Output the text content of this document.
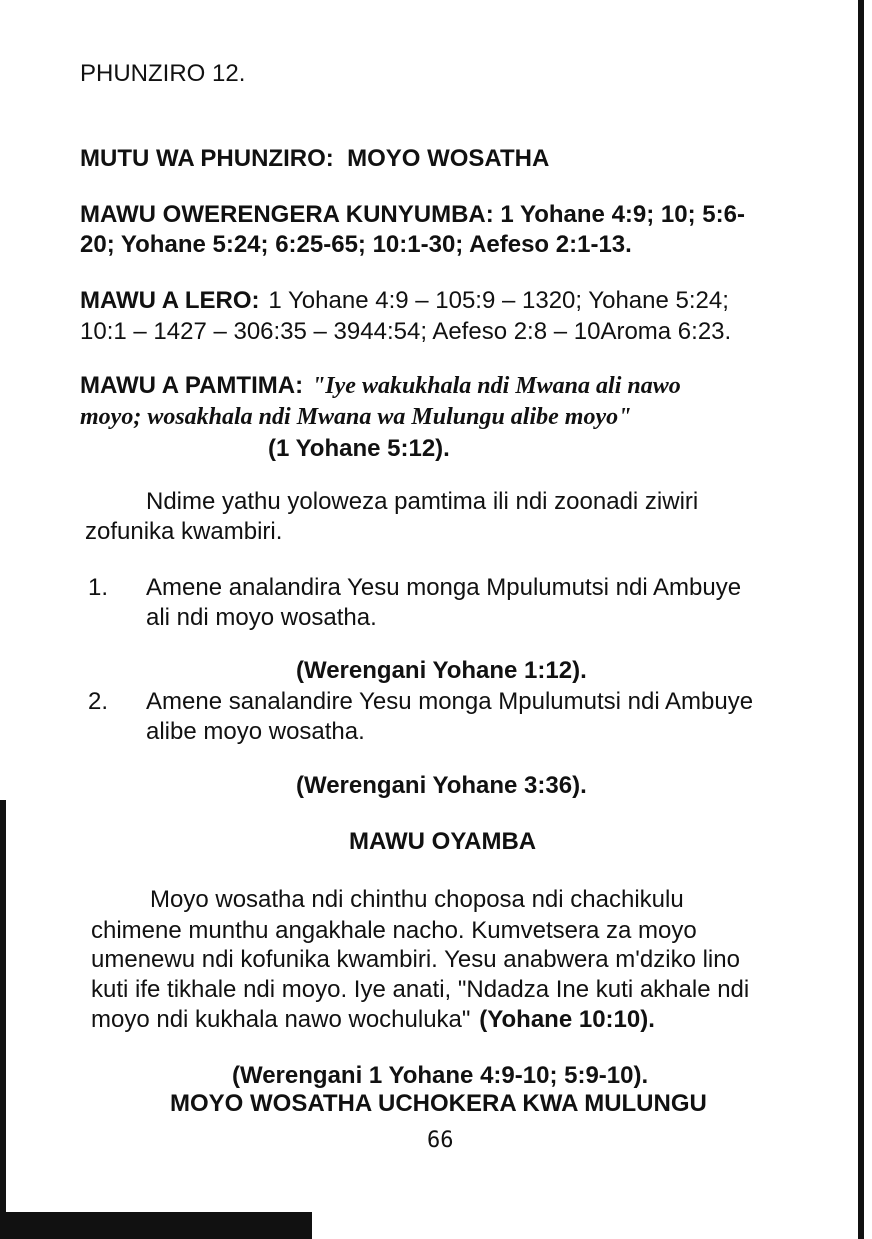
PHUNZIRO 12.
MUTU WA PHUNZIRO: MOYO WOSATHA
MAWU OWERENGERA KUNYUMBA: 1 Yohane 4:9; 10; 5:6-
20; Yohane 5:24; 6:25-65; 10:1-30; Aefeso 2:1-13.
MAWU A LERO: 1 Yohane 4:9 – 105:9 – 1320; Yohane 5:24;
10:1 – 1427 – 306:35 – 3944:54; Aefeso 2:8 – 10Aroma 6:23.
MAWU A PAMTIMA: "Iye wakukhala ndi Mwana ali nawo
moyo; wosakhala ndi Mwana wa Mulungu alibe moyo"
(1 Yohane 5:12).
Ndime yathu yoloweza pamtima ili ndi zoonadi ziwiri
zofunika kwambiri.
1. Amene analandira Yesu monga Mpulumutsi ndi Ambuye
ali ndi moyo wosatha.
(Werengani Yohane 1:12).
2. Amene sanalandire Yesu monga Mpulumutsi ndi Ambuye
alibe moyo wosatha.
(Werengani Yohane 3:36).
MAWU OYAMBA
Moyo wosatha ndi chinthu choposa ndi chachikulu
chimene munthu angakhale nacho. Kumvetsera za moyo
umenewu ndi kofunika kwambiri. Yesu anabwera m'dziko lino
kuti ife tikhale ndi moyo. Iye anati, "Ndadza Ine kuti akhale ndi
moyo ndi kukhala nawo wochuluka" (Yohane 10:10).
(Werengani 1 Yohane 4:9-10; 5:9-10).
MOYO WOSATHA UCHOKERA KWA MULUNGU
66
